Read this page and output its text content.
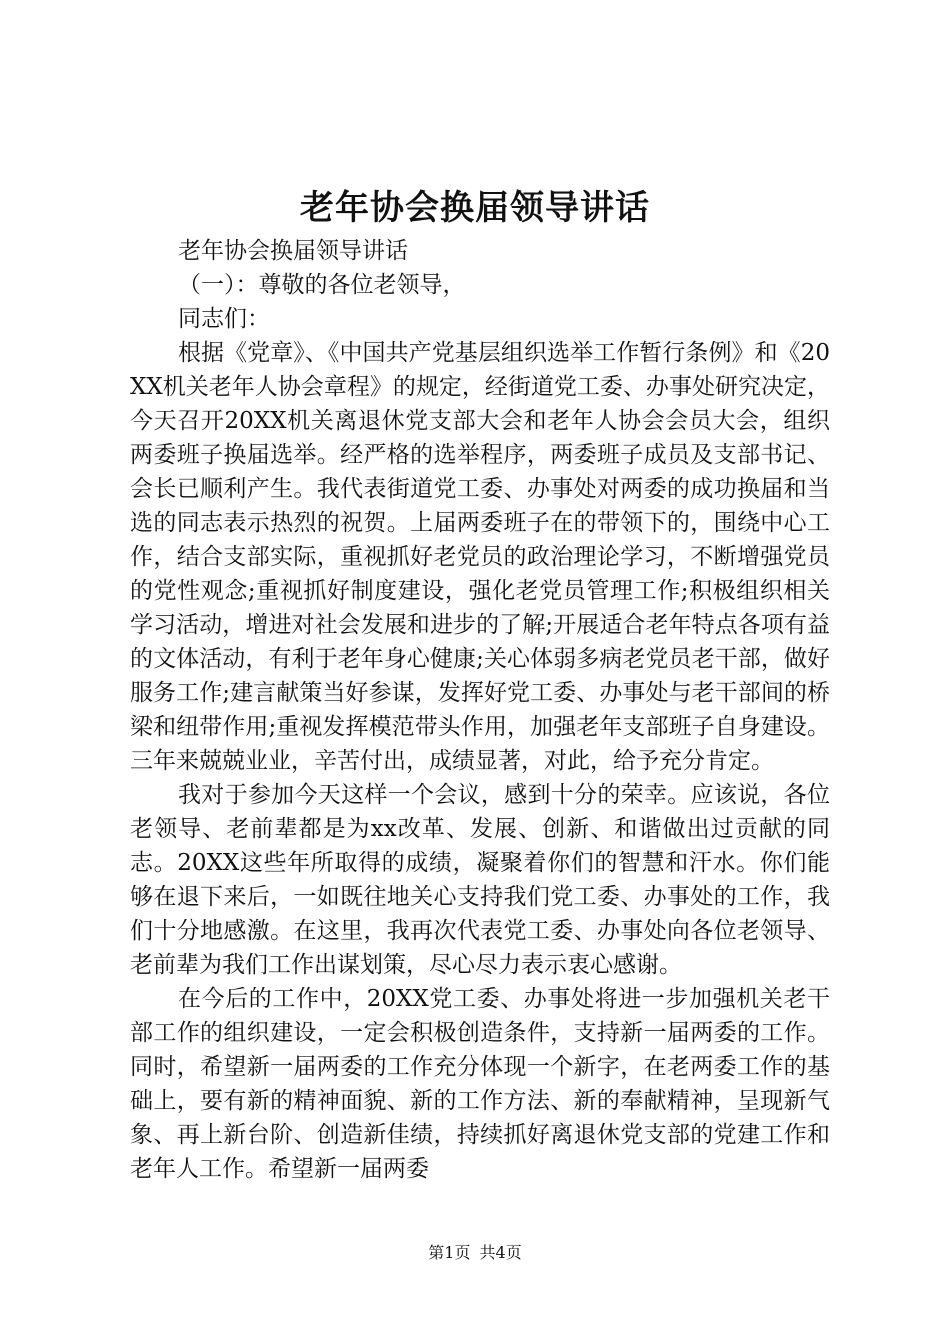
老年协会换届领导讲话

老年协会换届领导讲话

（一）：尊敬的各位老领导，

同志们：

根据《党章》、《中国共产党基层组织选举工作暂行条例》和《20XX机关老年人协会章程》的规定，经街道党工委、办事处研究决定，今天召开20XX机关离退休党支部大会和老年人协会会员大会，组织两委班子换届选举。经严格的选举程序，两委班子成员及支部书记、会长已顺利产生。我代表街道党工委、办事处对两委的成功换届和当选的同志表示热烈的祝贺。上届两委班子在的带领下的，围绕中心工作，结合支部实际，重视抓好老党员的政治理论学习，不断增强党员的党性观念;重视抓好制度建设，强化老党员管理工作;积极组织相关学习活动，增进对社会发展和进步的了解;开展适合老年特点各项有益的文体活动，有利于老年身心健康;关心体弱多病老党员老干部，做好服务工作;建言献策当好参谋，发挥好党工委、办事处与老干部间的桥梁和纽带作用;重视发挥模范带头作用，加强老年支部班子自身建设。三年来兢兢业业，辛苦付出，成绩显著，对此，给予充分肯定。

我对于参加今天这样一个会议，感到十分的荣幸。应该说，各位老领导、老前辈都是为xx改革、发展、创新、和谐做出过贡献的同志。20XX这些年所取得的成绩，凝聚着你们的智慧和汗水。你们能够在退下来后，一如既往地关心支持我们党工委、办事处的工作，我们十分地感激。在这里，我再次代表党工委、办事处向各位老领导、老前辈为我们工作出谋划策，尽心尽力表示衷心感谢。

在今后的工作中，20XX党工委、办事处将进一步加强机关老干部工作的组织建设，一定会积极创造条件，支持新一届两委的工作。同时，希望新一届两委的工作充分体现一个新字，在老两委工作的基础上，要有新的精神面貌、新的工作方法、新的奉献精神，呈现新气象、再上新台阶、创造新佳绩，持续抓好离退休党支部的党建工作和老年人工作。希望新一届两委

第1页 共4页
